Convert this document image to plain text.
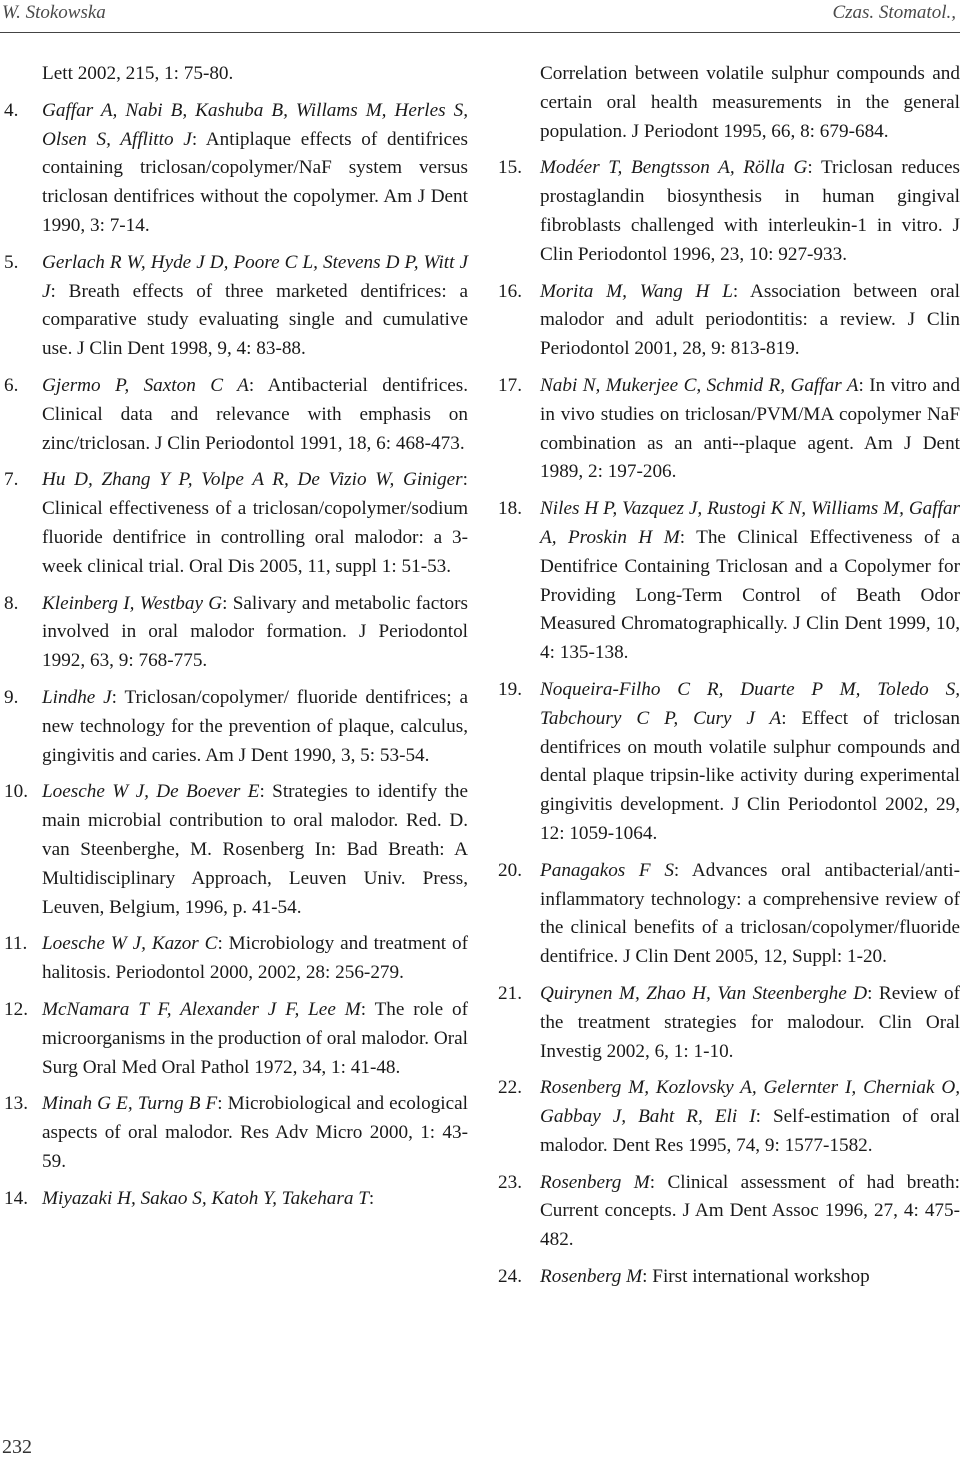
W. Stokowska	Czas. Stomatol.,
Lett 2002, 215, 1: 75-80.
4. Gaffar A, Nabi B, Kashuba B, Willams M, Herles S, Olsen S, Afflitto J: Antiplaque effects of dentifrices containing triclosan/copolymer/NaF system versus triclosan dentifrices without the copolymer. Am J Dent 1990, 3: 7-14.
5. Gerlach R W, Hyde J D, Poore C L, Stevens D P, Witt J J: Breath effects of three marketed dentifrices: a comparative study evaluating single and cumulative use. J Clin Dent 1998, 9, 4: 83-88.
6. Gjermo P, Saxton C A: Antibacterial dentifrices. Clinical data and relevance with emphasis on zinc/triclosan. J Clin Periodontol 1991, 18, 6: 468-473.
7. Hu D, Zhang Y P, Volpe A R, De Vizio W, Giniger: Clinical effectiveness of a triclosan/copolymer/sodium fluoride dentifrice in controlling oral malodor: a 3-week clinical trial. Oral Dis 2005, 11, suppl 1: 51-53.
8. Kleinberg I, Westbay G: Salivary and metabolic factors involved in oral malodor formation. J Periodontol 1992, 63, 9: 768-775.
9. Lindhe J: Triclosan/copolymer/ fluoride dentifrices; a new technology for the prevention of plaque, calculus, gingivitis and caries. Am J Dent 1990, 3, 5: 53-54.
10. Loesche W J, De Boever E: Strategies to identify the main microbial contribution to oral malodor. Red. D. van Steenberghe, M. Rosenberg In: Bad Breath: A Multidisciplinary Approach, Leuven Univ. Press, Leuven, Belgium, 1996, p. 41-54.
11. Loesche W J, Kazor C: Microbiology and treatment of halitosis. Periodontol 2000, 2002, 28: 256-279.
12. McNamara T F, Alexander J F, Lee M: The role of microorganisms in the production of oral malodor. Oral Surg Oral Med Oral Pathol 1972, 34, 1: 41-48.
13. Minah G E, Turng B F: Microbiological and ecological aspects of oral malodor. Res Adv Micro 2000, 1: 43-59.
14. Miyazaki H, Sakao S, Katoh Y, Takehara T:
Correlation between volatile sulphur compounds and certain oral health measurements in the general population. J Periodont 1995, 66, 8: 679-684.
15. Modéer T, Bengtsson A, Rölla G: Triclosan reduces prostaglandin biosynthesis in human gingival fibroblasts challenged with interleukin-1 in vitro. J Clin Periodontol 1996, 23, 10: 927-933.
16. Morita M, Wang H L: Association between oral malodor and adult periodontitis: a review. J Clin Periodontol 2001, 28, 9: 813-819.
17. Nabi N, Mukerjee C, Schmid R, Gaffar A: In vitro and in vivo studies on triclosan/PVM/MA copolymer NaF combination as an anti--plaque agent. Am J Dent 1989, 2: 197-206.
18. Niles H P, Vazquez J, Rustogi K N, Williams M, Gaffar A, Proskin H M: The Clinical Effectiveness of a Dentifrice Containing Triclosan and a Copolymer for Providing Long-Term Control of Beath Odor Measured Chromatographically. J Clin Dent 1999, 10, 4: 135-138.
19. Noqueira-Filho C R, Duarte P M, Toledo S, Tabchoury C P, Cury J A: Effect of triclosan dentifrices on mouth volatile sulphur compounds and dental plaque tripsin-like activity during experimental gingivitis development. J Clin Periodontol 2002, 29, 12: 1059-1064.
20. Panagakos F S: Advances oral antibacterial/anti-inflammatory technology: a comprehensive review of the clinical benefits of a triclosan/copolymer/fluoride dentifrice. J Clin Dent 2005, 12, Suppl: 1-20.
21. Quirynen M, Zhao H, Van Steenberghe D: Review of the treatment strategies for malodour. Clin Oral Investig 2002, 6, 1: 1-10.
22. Rosenberg M, Kozlovsky A, Gelernter I, Cherniak O, Gabbay J, Baht R, Eli I: Self-estimation of oral malodor. Dent Res 1995, 74, 9: 1577-1582.
23. Rosenberg M: Clinical assessment of had breath: Current concepts. J Am Dent Assoc 1996, 27, 4: 475-482.
24. Rosenberg M: First international workshop
232
